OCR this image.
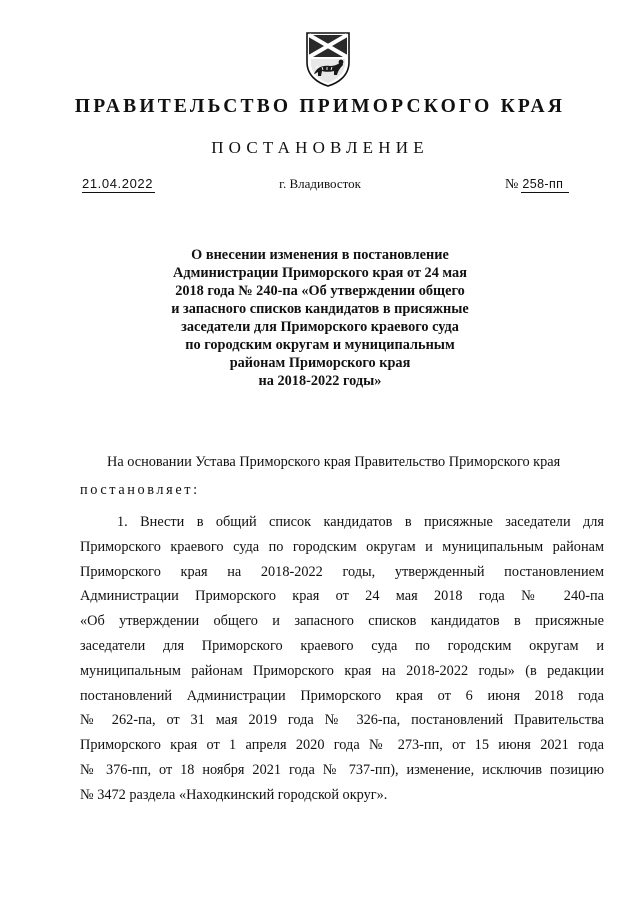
ПРАВИТЕЛЬСТВО ПРИМОРСКОГО КРАЯ
ПОСТАНОВЛЕНИЕ
21.04.2022	г. Владивосток	№ 258-пп
О внесении изменения в постановление
Администрации Приморского края от 24 мая
2018 года № 240-па «Об утверждении общего
и запасного списков кандидатов в присяжные
заседатели для Приморского краевого суда
по городским округам и муниципальным
районам Приморского края
на 2018-2022 годы»
На основании Устава Приморского края Правительство Приморского края
постановляет:
1. Внести в общий список кандидатов в присяжные заседатели для
Приморского краевого суда по городским округам и муниципальным районам
Приморского края на 2018-2022 годы, утвержденный постановлением
Администрации Приморского края от 24 мая 2018 года № 240-па
«Об утверждении общего и запасного списков кандидатов в присяжные
заседатели для Приморского краевого суда по городским округам и
муниципальным районам Приморского края на 2018-2022 годы» (в редакции
постановлений Администрации Приморского края от 6 июня 2018 года
№ 262-па, от 31 мая 2019 года № 326-па, постановлений Правительства
Приморского края от 1 апреля 2020 года № 273-пп, от 15 июня 2021 года
№ 376-пп, от 18 ноября 2021 года № 737-пп), изменение, исключив позицию
№ 3472 раздела «Находкинский городской округ».
